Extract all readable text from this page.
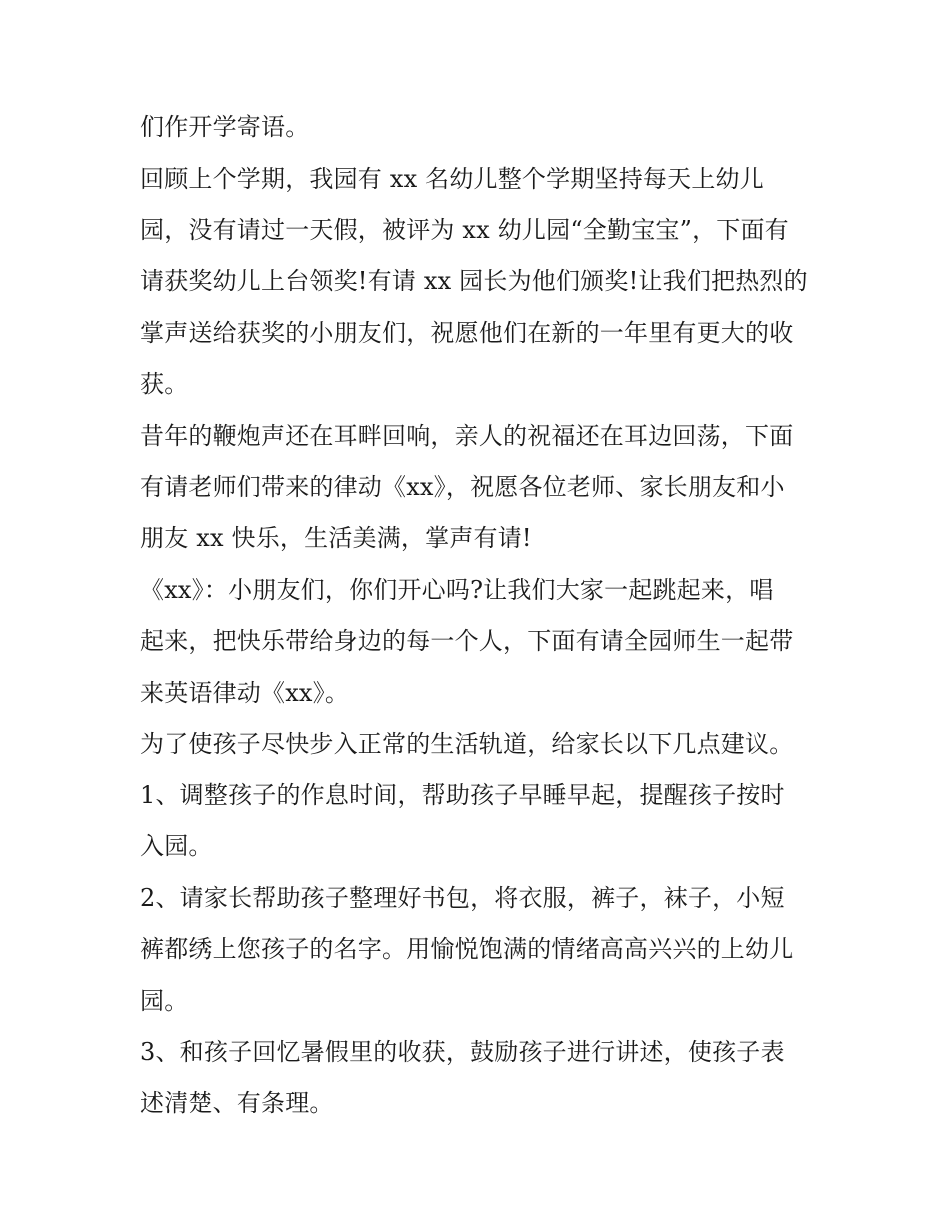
们作开学寄语。
回顾上个学期，我园有 xx 名幼儿整个学期坚持每天上幼儿
园，没有请过一天假，被评为 xx 幼儿园“全勤宝宝”，下面有
请获奖幼儿上台领奖!有请 xx 园长为他们颁奖!让我们把热烈的
掌声送给获奖的小朋友们，祝愿他们在新的一年里有更大的收
获。
昔年的鞭炮声还在耳畔回响，亲人的祝福还在耳边回荡，下面
有请老师们带来的律动《xx》，祝愿各位老师、家长朋友和小
朋友 xx 快乐，生活美满，掌声有请!
《xx》：小朋友们，你们开心吗?让我们大家一起跳起来，唱
起来，把快乐带给身边的每一个人，下面有请全园师生一起带
来英语律动《xx》。
为了使孩子尽快步入正常的生活轨道，给家长以下几点建议。
1、调整孩子的作息时间，帮助孩子早睡早起，提醒孩子按时
入园。
2、请家长帮助孩子整理好书包，将衣服，裤子，袜子，小短
裤都绣上您孩子的名字。用愉悦饱满的情绪高高兴兴的上幼儿
园。
3、和孩子回忆暑假里的收获，鼓励孩子进行讲述，使孩子表
述清楚、有条理。
